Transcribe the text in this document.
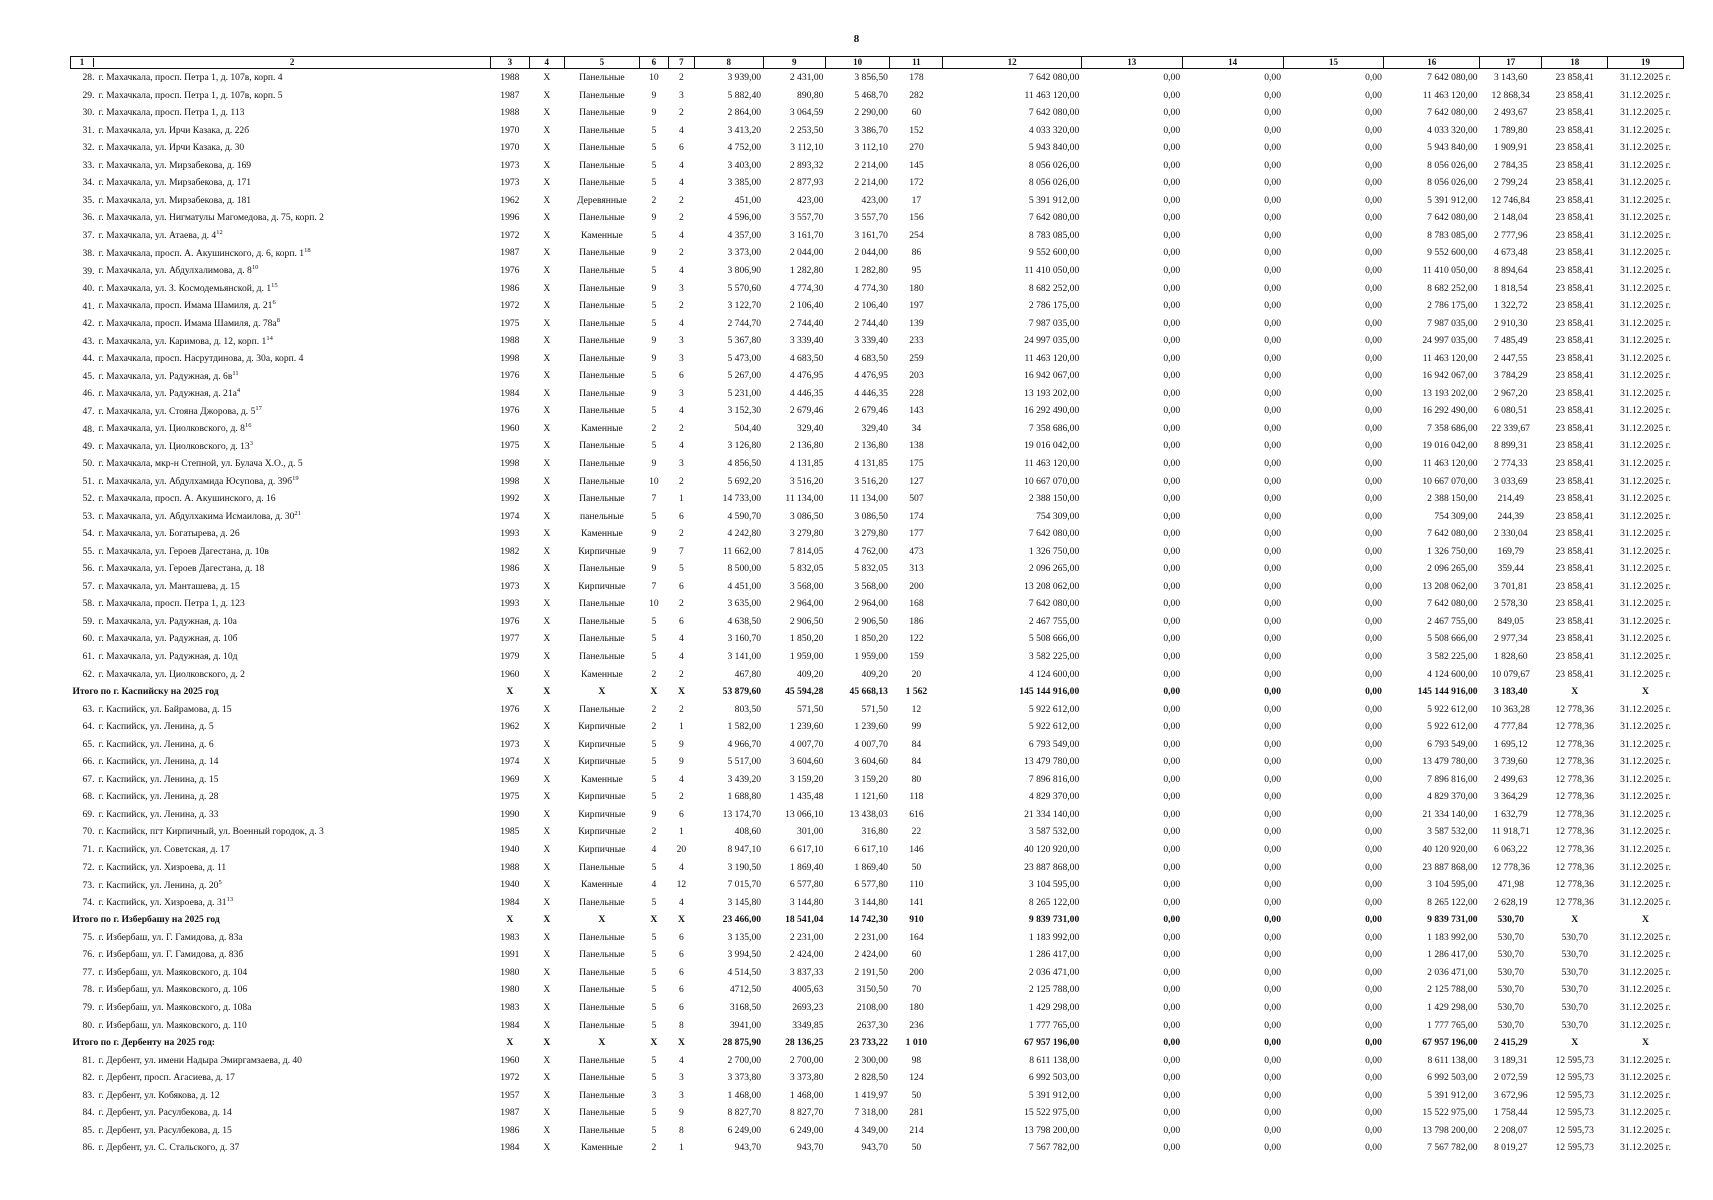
8
1 2	3	4	5	6	7	8	9	10	11	12	13	14	15	16	17	18	19
28. г. Махачкала, просп. Петра 1, д. 107в, корп. 4	1988	X	Панельные	10	2	3 939,00	2 431,00	3 856,50	178	7 642 080,00	0,00	0,00	0,00	7 642 080,00	3 143,60	23 858,41	31.12.2025 г.
29. г. Махачкала, просп. Петра 1, д. 107в, корп. 5	1987	X	Панельные	9	3	5 882,40	890,80	5 468,70	282	11 463 120,00	0,00	0,00	0,00	11 463 120,00	12 868,34	23 858,41	31.12.2025 г.
30. г. Махачкала, просп. Петра 1, д. 113	1988	X	Панельные	9	2	2 864,00	3 064,59	2 290,00	60	7 642 080,00	0,00	0,00	0,00	7 642 080,00	2 493,67	23 858,41	31.12.2025 г.
31. г. Махачкала, ул. Ирчи Казака, д. 22б	1970	X	Панельные	5	4	3 413,20	2 253,50	3 386,70	152	4 033 320,00	0,00	0,00	0,00	4 033 320,00	1 789,80	23 858,41	31.12.2025 г.
32. г. Махачкала, ул. Ирчи Казака, д. 30	1970	X	Панельные	5	6	4 752,00	3 112,10	3 112,10	270	5 943 840,00	0,00	0,00	0,00	5 943 840,00	1 909,91	23 858,41	31.12.2025 г.
33. г. Махачкала, ул. Мирзабекова, д. 169	1973	X	Панельные	5	4	3 403,00	2 893,32	2 214,00	145	8 056 026,00	0,00	0,00	0,00	8 056 026,00	2 784,35	23 858,41	31.12.2025 г.
34. г. Махачкала, ул. Мирзабекова, д. 171	1973	X	Панельные	5	4	3 385,00	2 877,93	2 214,00	172	8 056 026,00	0,00	0,00	0,00	8 056 026,00	2 799,24	23 858,41	31.12.2025 г.
35. г. Махачкала, ул. Мирзабекова, д. 181	1962	X	Деревянные	2	2	451,00	423,00	423,00	17	5 391 912,00	0,00	0,00	0,00	5 391 912,00	12 746,84	23 858,41	31.12.2025 г.
36. г. Махачкала, ул. Нигматулы Магомедова, д. 75, корп. 2	1996	X	Панельные	9	2	4 596,00	3 557,70	3 557,70	156	7 642 080,00	0,00	0,00	0,00	7 642 080,00	2 148,04	23 858,41	31.12.2025 г.
37. г. Махачкала, ул. Атаева, д. $4^{12}$	1972	X	Каменные	5	4	4 357,00	3 161,70	3 161,70	254	8 783 085,00	0,00	0,00	0,00	8 783 085,00	2 777,96	23 858,41	31.12.2025 г.
38. г. Махачкала, просп. А. Акушинского, д. 6, корп. $1^{18}$	1987	X	Панельные	9	2	3 373,00	2 044,00	2 044,00	86	9 552 600,00	0,00	0,00	0,00	9 552 600,00	4 673,48	23 858,41	31.12.2025 г.
39. г. Махачкала, ул. Абдулхалимова, д. $8^{10}$	1976	X	Панельные	5	4	3 806,90	1 282,80	1 282,80	95	11 410 050,00	0,00	0,00	0,00	11 410 050,00	8 894,64	23 858,41	31.12.2025 г.
40. г. Махачкала, ул. З. Космодемьянской, д. $1^{15}$	1986	X	Панельные	9	3	5 570,60	4 774,30	4 774,30	180	8 682 252,00	0,00	0,00	0,00	8 682 252,00	1 818,54	23 858,41	31.12.2025 г.
41. г. Махачкала, просп. Имама Шамиля, д. $21^6$	1972	X	Панельные	5	2	3 122,70	2 106,40	2 106,40	197	2 786 175,00	0,00	0,00	0,00	2 786 175,00	1 322,72	23 858,41	31.12.2025 г.
42. г. Махачкала, просп. Имама Шамиля, д. $78а^8$	1975	X	Панельные	5	4	2 744,70	2 744,40	2 744,40	139	7 987 035,00	0,00	0,00	0,00	7 987 035,00	2 910,30	23 858,41	31.12.2025 г.
43. г. Махачкала, ул. Каримова, д. 12, корп. $1^{14}$	1988	X	Панельные	9	3	5 367,80	3 339,40	3 339,40	233	24 997 035,00	0,00	0,00	0,00	24 997 035,00	7 485,49	23 858,41	31.12.2025 г.
44. г. Махачкала, просп. Насрутдинова, д. 30а, корп. 4	1998	X	Панельные	9	3	5 473,00	4 683,50	4 683,50	259	11 463 120,00	0,00	0,00	0,00	11 463 120,00	2 447,55	23 858,41	31.12.2025 г.
45. г. Махачкала, ул. Радужная, д. $6в^{11}$	1976	X	Панельные	5	6	5 267,00	4 476,95	4 476,95	203	16 942 067,00	0,00	0,00	0,00	16 942 067,00	3 784,29	23 858,41	31.12.2025 г.
46. г. Махачкала, ул. Радужная, д. $21а^4$	1984	X	Панельные	9	3	5 231,00	4 446,35	4 446,35	228	13 193 202,00	0,00	0,00	0,00	13 193 202,00	2 967,20	23 858,41	31.12.2025 г.
47. г. Махачкала, ул. Стояна Джорова, д. $5^{17}$	1976	X	Панельные	5	4	3 152,30	2 679,46	2 679,46	143	16 292 490,00	0,00	0,00	0,00	16 292 490,00	6 080,51	23 858,41	31.12.2025 г.
48. г. Махачкала, ул. Циолковского, д. $8^{16}$	1960	X	Каменные	2	2	504,40	329,40	329,40	34	7 358 686,00	0,00	0,00	0,00	7 358 686,00	22 339,67	23 858,41	31.12.2025 г.
49. г. Махачкала, ул. Циолковского, д. $13^3$	1975	X	Панельные	5	4	3 126,80	2 136,80	2 136,80	138	19 016 042,00	0,00	0,00	0,00	19 016 042,00	8 899,31	23 858,41	31.12.2025 г.
50. г. Махачкала, мкр-н Степной, ул. Булача Х.О., д. 5	1998	X	Панельные	9	3	4 856,50	4 131,85	4 131,85	175	11 463 120,00	0,00	0,00	0,00	11 463 120,00	2 774,33	23 858,41	31.12.2025 г.
51. г. Махачкала, ул. Абдулхамида Юсупова, д. $39б^{19}$	1998	X	Панельные	10	2	5 692,20	3 516,20	3 516,20	127	10 667 070,00	0,00	0,00	0,00	10 667 070,00	3 033,69	23 858,41	31.12.2025 г.
52. г. Махачкала, просп. А. Акушинского, д. 16	1992	X	Панельные	7	1	14 733,00	11 134,00	11 134,00	507	2 388 150,00	0,00	0,00	0,00	2 388 150,00	214,49	23 858,41	31.12.2025 г.
53. г. Махачкала, ул. Абдулхакима Исмаилова, д. $30^{21}$	1974	X	панельные	5	6	4 590,70	3 086,50	3 086,50	174	754 309,00	0,00	0,00	0,00	754 309,00	244,39	23 858,41	31.12.2025 г.
54. г. Махачкала, ул. Богатырева, д. 26	1993	X	Каменные	9	2	4 242,80	3 279,80	3 279,80	177	7 642 080,00	0,00	0,00	0,00	7 642 080,00	2 330,04	23 858,41	31.12.2025 г.
55. г. Махачкала, ул. Героев Дагестана, д. 10в	1982	X	Кирпичные	9	7	11 662,00	7 814,05	4 762,00	473	1 326 750,00	0,00	0,00	0,00	1 326 750,00	169,79	23 858,41	31.12.2025 г.
56. г. Махачкала, ул. Героев Дагестана, д. 18	1986	X	Панельные	9	5	8 500,00	5 832,05	5 832,05	313	2 096 265,00	0,00	0,00	0,00	2 096 265,00	359,44	23 858,41	31.12.2025 г.
57. г. Махачкала, ул. Манташева, д. 15	1973	X	Кирпичные	7	6	4 451,00	3 568,00	3 568,00	200	13 208 062,00	0,00	0,00	0,00	13 208 062,00	3 701,81	23 858,41	31.12.2025 г.
58. г. Махачкала, просп. Петра 1, д. 123	1993	X	Панельные	10	2	3 635,00	2 964,00	2 964,00	168	7 642 080,00	0,00	0,00	0,00	7 642 080,00	2 578,30	23 858,41	31.12.2025 г.
59. г. Махачкала, ул. Радужная, д. 10а	1976	X	Панельные	5	6	4 638,50	2 906,50	2 906,50	186	2 467 755,00	0,00	0,00	0,00	2 467 755,00	849,05	23 858,41	31.12.2025 г.
60. г. Махачкала, ул. Радужная, д. 10б	1977	X	Панельные	5	4	3 160,70	1 850,20	1 850,20	122	5 508 666,00	0,00	0,00	0,00	5 508 666,00	2 977,34	23 858,41	31.12.2025 г.
61. г. Махачкала, ул. Радужная, д. 10д	1979	X	Панельные	5	4	3 141,00	1 959,00	1 959,00	159	3 582 225,00	0,00	0,00	0,00	3 582 225,00	1 828,60	23 858,41	31.12.2025 г.
62. г. Махачкала, ул. Циолковского, д. 2	1960	X	Каменные	2	2	467,80	409,20	409,20	20	4 124 600,00	0,00	0,00	0,00	4 124 600,00	10 079,67	23 858,41	31.12.2025 г.
Итого по г. Каспийску на 2025 год	X	X	X	X	X	53 879,60	45 594,28	45 668,13	1 562	145 144 916,00	0,00	0,00	0,00	145 144 916,00	3 183,40	X	X
63. г. Каспийск, ул. Байрамова, д. 15	1976	X	Панельные	2	2	803,50	571,50	571,50	12	5 922 612,00	0,00	0,00	0,00	5 922 612,00	10 363,28	12 778,36	31.12.2025 г.
64. г. Каспийск, ул. Ленина, д. 5	1962	X	Кирпичные	2	1	1 582,00	1 239,60	1 239,60	99	5 922 612,00	0,00	0,00	0,00	5 922 612,00	4 777,84	12 778,36	31.12.2025 г.
65. г. Каспийск, ул. Ленина, д. 6	1973	X	Кирпичные	5	9	4 966,70	4 007,70	4 007,70	84	6 793 549,00	0,00	0,00	0,00	6 793 549,00	1 695,12	12 778,36	31.12.2025 г.
66. г. Каспийск, ул. Ленина, д. 14	1974	X	Кирпичные	5	9	5 517,00	3 604,60	3 604,60	84	13 479 780,00	0,00	0,00	0,00	13 479 780,00	3 739,60	12 778,36	31.12.2025 г.
67. г. Каспийск, ул. Ленина, д. 15	1969	X	Каменные	5	4	3 439,20	3 159,20	3 159,20	80	7 896 816,00	0,00	0,00	0,00	7 896 816,00	2 499,63	12 778,36	31.12.2025 г.
68. г. Каспийск, ул. Ленина, д. 28	1975	X	Кирпичные	5	2	1 688,80	1 435,48	1 121,60	118	4 829 370,00	0,00	0,00	0,00	4 829 370,00	3 364,29	12 778,36	31.12.2025 г.
69. г. Каспийск, ул. Ленина, д. 33	1990	X	Кирпичные	9	6	13 174,70	13 066,10	13 438,03	616	21 334 140,00	0,00	0,00	0,00	21 334 140,00	1 632,79	12 778,36	31.12.2025 г.
70. г. Каспийск, пгт Кирпичный, ул. Военный городок, д. 3	1985	X	Кирпичные	2	1	408,60	301,00	316,80	22	3 587 532,00	0,00	0,00	0,00	3 587 532,00	11 918,71	12 778,36	31.12.2025 г.
71. г. Каспийск, ул. Советская, д. 17	1940	X	Кирпичные	4	20	8 947,10	6 617,10	6 617,10	146	40 120 920,00	0,00	0,00	0,00	40 120 920,00	6 063,22	12 778,36	31.12.2025 г.
72. г. Каспийск, ул. Хизроева, д. 11	1988	X	Панельные	5	4	3 190,50	1 869,40	1 869,40	50	23 887 868,00	0,00	0,00	0,00	23 887 868,00	12 778,36	12 778,36	31.12.2025 г.
73. г. Каспийск, ул. Ленина, д. $20^5$	1940	X	Каменные	4	12	7 015,70	6 577,80	6 577,80	110	3 104 595,00	0,00	0,00	0,00	3 104 595,00	471,98	12 778,36	31.12.2025 г.
74. г. Каспийск, ул. Хизроева, д. $31^{13}$	1984	X	Панельные	5	4	3 145,80	3 144,80	3 144,80	141	8 265 122,00	0,00	0,00	0,00	8 265 122,00	2 628,19	12 778,36	31.12.2025 г.
Итого по г. Избербашу на 2025 год	X	X	X	X	X	23 466,00	18 541,04	14 742,30	910	9 839 731,00	0,00	0,00	0,00	9 839 731,00	530,70	X	X
75. г. Избербаш, ул. Г. Гамидова, д. 83а	1983	X	Панельные	5	6	3 135,00	2 231,00	2 231,00	164	1 183 992,00	0,00	0,00	0,00	1 183 992,00	530,70	530,70	31.12.2025 г.
76. г. Избербаш, ул. Г. Гамидова, д. 83б	1991	X	Панельные	5	6	3 994,50	2 424,00	2 424,00	60	1 286 417,00	0,00	0,00	0,00	1 286 417,00	530,70	530,70	31.12.2025 г.
77. г. Избербаш, ул. Маяковского, д. 104	1980	X	Панельные	5	6	4 514,50	3 837,33	2 191,50	200	2 036 471,00	0,00	0,00	0,00	2 036 471,00	530,70	530,70	31.12.2025 г.
78. г. Избербаш, ул. Маяковского, д. 106	1980	X	Панельные	5	6	4712,50	4005,63	3150,50	70	2 125 788,00	0,00	0,00	0,00	2 125 788,00	530,70	530,70	31.12.2025 г.
79. г. Избербаш, ул. Маяковского, д. 108а	1983	X	Панельные	5	6	3168,50	2693,23	2108,00	180	1 429 298,00	0,00	0,00	0,00	1 429 298,00	530,70	530,70	31.12.2025 г.
80. г. Избербаш, ул. Маяковского, д. 110	1984	X	Панельные	5	8	3941,00	3349,85	2637,30	236	1 777 765,00	0,00	0,00	0,00	1 777 765,00	530,70	530,70	31.12.2025 г.
Итого по г. Дербенту на 2025 год:	X	X	X	X	X	28 875,90	28 136,25	23 733,22	1 010	67 957 196,00	0,00	0,00	0,00	67 957 196,00	2 415,29	X	X
81. г. Дербент, ул. имени Надыра Эмиргамзаева, д. 40	1960	X	Панельные	5	4	2 700,00	2 700,00	2 300,00	98	8 611 138,00	0,00	0,00	0,00	8 611 138,00	3 189,31	12 595,73	31.12.2025 г.
82. г. Дербент, просп. Агасиева, д. 17	1972	X	Панельные	5	3	3 373,80	3 373,80	2 828,50	124	6 992 503,00	0,00	0,00	0,00	6 992 503,00	2 072,59	12 595,73	31.12.2025 г.
83. г. Дербент, ул. Кобякова, д. 12	1957	X	Панельные	3	3	1 468,00	1 468,00	1 419,97	50	5 391 912,00	0,00	0,00	0,00	5 391 912,00	3 672,96	12 595,73	31.12.2025 г.
84. г. Дербент, ул. Расулбекова, д. 14	1987	X	Панельные	5	9	8 827,70	8 827,70	7 318,00	281	15 522 975,00	0,00	0,00	0,00	15 522 975,00	1 758,44	12 595,73	31.12.2025 г.
85. г. Дербент, ул. Расулбекова, д. 15	1986	X	Панельные	5	8	6 249,00	6 249,00	4 349,00	214	13 798 200,00	0,00	0,00	0,00	13 798 200,00	2 208,07	12 595,73	31.12.2025 г.
86. г. Дербент, ул. С. Стальского, д. 37	1984	X	Каменные	2	1	943,70	943,70	943,70	50	7 567 782,00	0,00	0,00	0,00	7 567 782,00	8 019,27	12 595,73	31.12.2025 г.
